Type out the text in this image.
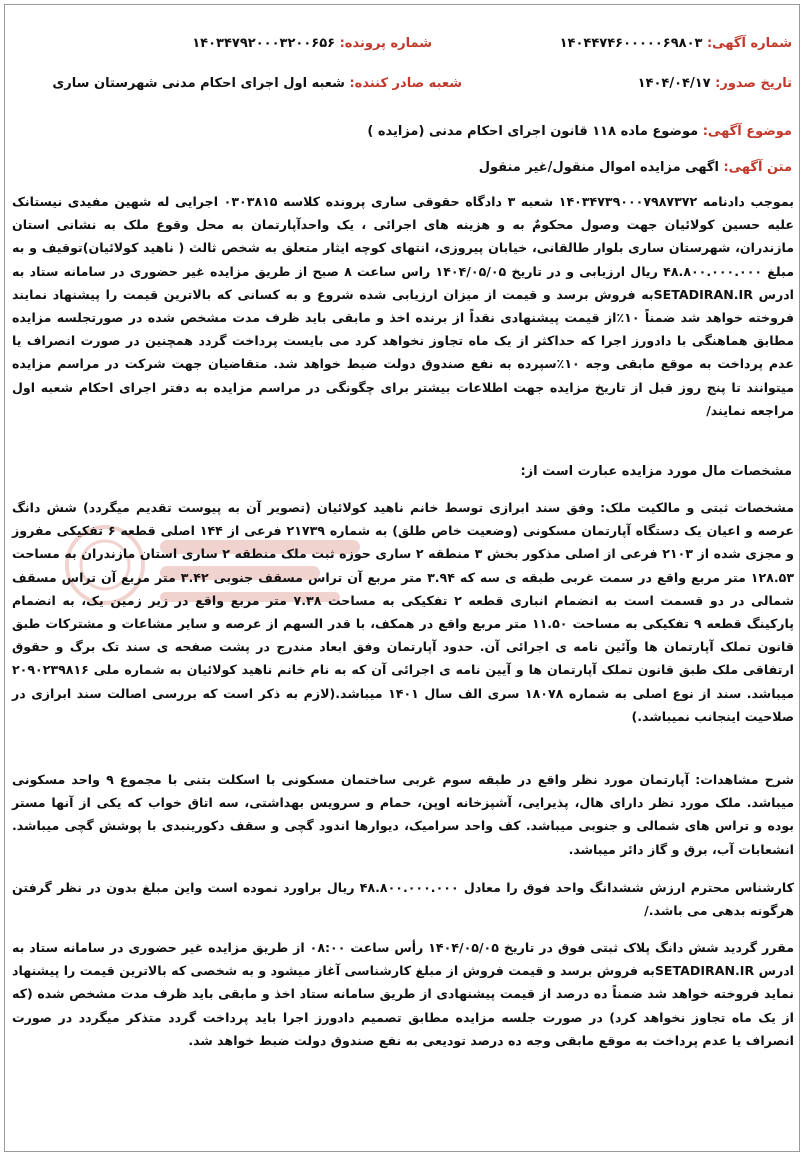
شماره آگهی: ۱۴۰۴۴۷۴۶۰۰۰۰۰۶۹۸۰۳
شماره پرونده: ۱۴۰۳۴۷۹۲۰۰۰۳۲۰۰۶۵۶
تاریخ صدور: ۱۴۰۴/۰۴/۱۷
شعبه صادر کننده: شعبه اول اجرای احکام مدنی شهرستان ساری
موضوع آگهی: موضوع ماده ۱۱۸ قانون اجرای احکام مدنی (مزایده )
متن آگهی: اگهی مزایده اموال منقول/غیر منقول

بموجب دادنامه ۱۴۰۳۴۷۳۹۰۰۰۷۹۸۷۳۷۲ شعبه ۳ دادگاه حقوقی ساری پرونده کلاسه ۰۳۰۳۸۱۵ اجرایی له شهین مفیدی نیستانک علیه حسین کولائیان جهت وصول محکومٌ به و هزینه های اجرائی ، یک واحدآپارتمان به محل وقوع ملک به نشانی استان مازندران، شهرستان ساری بلوار طالقانی، خیابان پیروزی، انتهای کوچه ایثار متعلق به شخص ثالث ( ناهید کولائیان)توقیف و به مبلغ ۴۸.۸۰۰.۰۰۰.۰۰۰ ریال ارزیابی و در تاریخ ۱۴۰۴/۰۵/۰۵ راس ساعت ۸ صبح از طریق مزایده غیر حضوری در سامانه ستاد به ادرس SETADIRAN.IRبه فروش برسد و قیمت از میزان ارزیابی شده شروع و به کسانی که بالاترین قیمت را پیشنهاد نمایند فروخته خواهد شد ضمناً ۱۰٪از قیمت پیشنهادی نقداً از برنده اخذ و مابقی باید ظرف مدت مشخص شده در صورتجلسه مزایده مطابق هماهنگی با دادورز اجرا که حداکثر از یک ماه تجاوز نخواهد کرد می بایست پرداخت گردد همچنین در صورت انصراف یا عدم پرداخت به موقع مابقی وجه ۱۰٪سپرده به نفع صندوق دولت ضبط خواهد شد. متقاضیان جهت شرکت در مراسم مزایده میتوانند تا پنج روز قبل از تاریخ مزایده جهت اطلاعات بیشتر برای چگونگی در مراسم مزایده به دفتر اجرای احکام شعبه اول مراجعه نمایند/

مشخصات مال مورد مزایده عبارت است از:

مشخصات ثبتی و مالکیت ملک: وفق سند ابرازی توسط خانم ناهید کولائیان (تصویر آن به پیوست تقدیم میگردد) شش دانگ عرصه و اعیان یک دستگاه آپارتمان مسکونی (وضعیت خاص طلق) به شماره ۲۱۷۳۹ فرعی از ۱۴۴ اصلی قطعه ۶ تفکیکی مفروز و مجزی شده از ۲۱۰۳ فرعی از اصلی مذکور بخش ۳ منطقه ۲ ساری حوزه ثبت ملک منطقه ۲ ساری استان مازندران به مساحت ۱۲۸.۵۳ متر مربع واقع در سمت غربی طبقه ی سه که ۳.۹۴ متر مربع آن تراس مسقف جنوبی ۳.۴۲ متر مربع آن تراس مسقف شمالی در دو قسمت است به انضمام انباری قطعه ۲ تفکیکی به مساحت ۷.۳۸ متر مربع واقع در زیر زمین یک، به انضمام پارکینگ قطعه ۹ تفکیکی به مساحت ۱۱.۵۰ متر مربع واقع در همکف، با قدر السهم از عرصه و سایر مشاعات و مشترکات طبق قانون تملک آپارتمان ها وآئین نامه ی اجرائی آن. حدود آپارتمان وفق ابعاد مندرج در پشت صفحه ی سند تک برگ و حقوق ارتفاقی ملک طبق قانون تملک آپارتمان ها و آیین نامه ی اجرائی آن که به نام خانم ناهید کولائیان به شماره ملی ۲۰۹۰۲۳۹۸۱۶ میباشد. سند از نوع اصلی به شماره ۱۸۰۷۸ سری الف سال ۱۴۰۱ میباشد.(لازم به ذکر است که بررسی اصالت سند ابرازی در صلاحیت اینجانب نمیباشد.)

شرح مشاهدات: آپارتمان مورد نظر واقع در طبقه سوم غربی ساختمان مسکونی با اسکلت بتنی با مجموع ۹ واحد مسکونی میباشد. ملک مورد نظر دارای هال، پذیرایی، آشپزخانه اوپن، حمام و سرویس بهداشتی، سه اتاق خواب که یکی از آنها مستر بوده و تراس های شمالی و جنوبی میباشد. کف واحد سرامیک، دیوارها اندود گچی و سقف دکورینبدی با پوشش گچی میباشد. انشعابات آب، برق و گاز دائر میباشد.

کارشناس محترم ارزش ششدانگ واحد فوق را معادل ۴۸.۸۰۰.۰۰۰.۰۰۰ ریال براورد نموده است واین مبلغ بدون در نظر گرفتن هرگونه بدهی می باشد./

مقرر گردید شش دانگ پلاک ثبتی فوق در تاریخ ۱۴۰۴/۰۵/۰۵ رأس ساعت ۰۸:۰۰ از طریق مزایده غیر حضوری در سامانه ستاد به ادرس SETADIRAN.IRبه فروش برسد و قیمت فروش از مبلغ کارشناسی آغاز میشود و به شخصی که بالاترین قیمت را پیشنهاد نماید فروخته خواهد شد ضمناً ده درصد از قیمت پیشنهادی از طریق سامانه ستاد اخذ و مابقی باید ظرف مدت مشخص شده (که از یک ماه تجاوز نخواهد کرد) در صورت جلسه مزایده مطابق تصمیم دادورز اجرا باید پرداخت گردد متذکر میگردد در صورت انصراف یا عدم پرداخت به موقع مابقی وجه ده درصد تودیعی به نفع صندوق دولت ضبط خواهد شد.
